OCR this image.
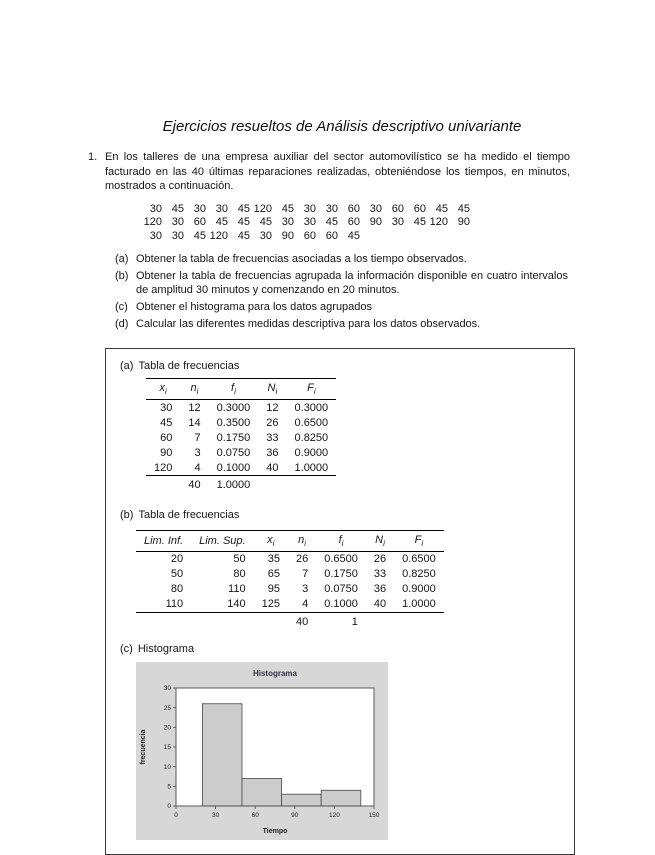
Ejercicios resueltos de Análisis descriptivo univariante
1. En los talleres de una empresa auxiliar del sector automovilístico se ha medido el tiempo facturado en las 40 últimas reparaciones realizadas, obteniéndose los tiempos, en minutos, mostrados a continuación.
30 45 30 30 45 120 45 30 30 60 30 60 60 45 45
120 30 60 45 45 45 30 30 45 60 90 30 45 120 90
30 30 45 120 45 30 90 60 60 45
(a) Obtener la tabla de frecuencias asociadas a los tiempo observados.
(b) Obtener la tabla de frecuencias agrupada la información disponible en cuatro intervalos de amplitud 30 minutos y comenzando en 20 minutos.
(c) Obtener el histograma para los datos agrupados
(d) Calcular las diferentes medidas descriptiva para los datos observados.
(a) Tabla de frecuencias
$x_i$	$n_i$	$f_i$	$N_i$	$F_i$
30	12	0.3000	12	0.3000
45	14	0.3500	26	0.6500
60	7	0.1750	33	0.8250
90	3	0.0750	36	0.9000
120	4	0.1000	40	1.0000
	40	1.0000		
(b) Tabla de frecuencias
Lim. Inf.	Lim. Sup.	$x_i$	$n_i$	$f_i$	$N_i$	$F_i$
20	50	35	26	0.6500	26	0.6500
50	80	65	7	0.1750	33	0.8250
80	110	95	3	0.0750	36	0.9000
110	140	125	4	0.1000	40	1.0000
			40	1		
(c) Histograma
0	30	60	90	120	150
0
5
10
15
20
25
30
Histograma
Tiempo
frecuencia
